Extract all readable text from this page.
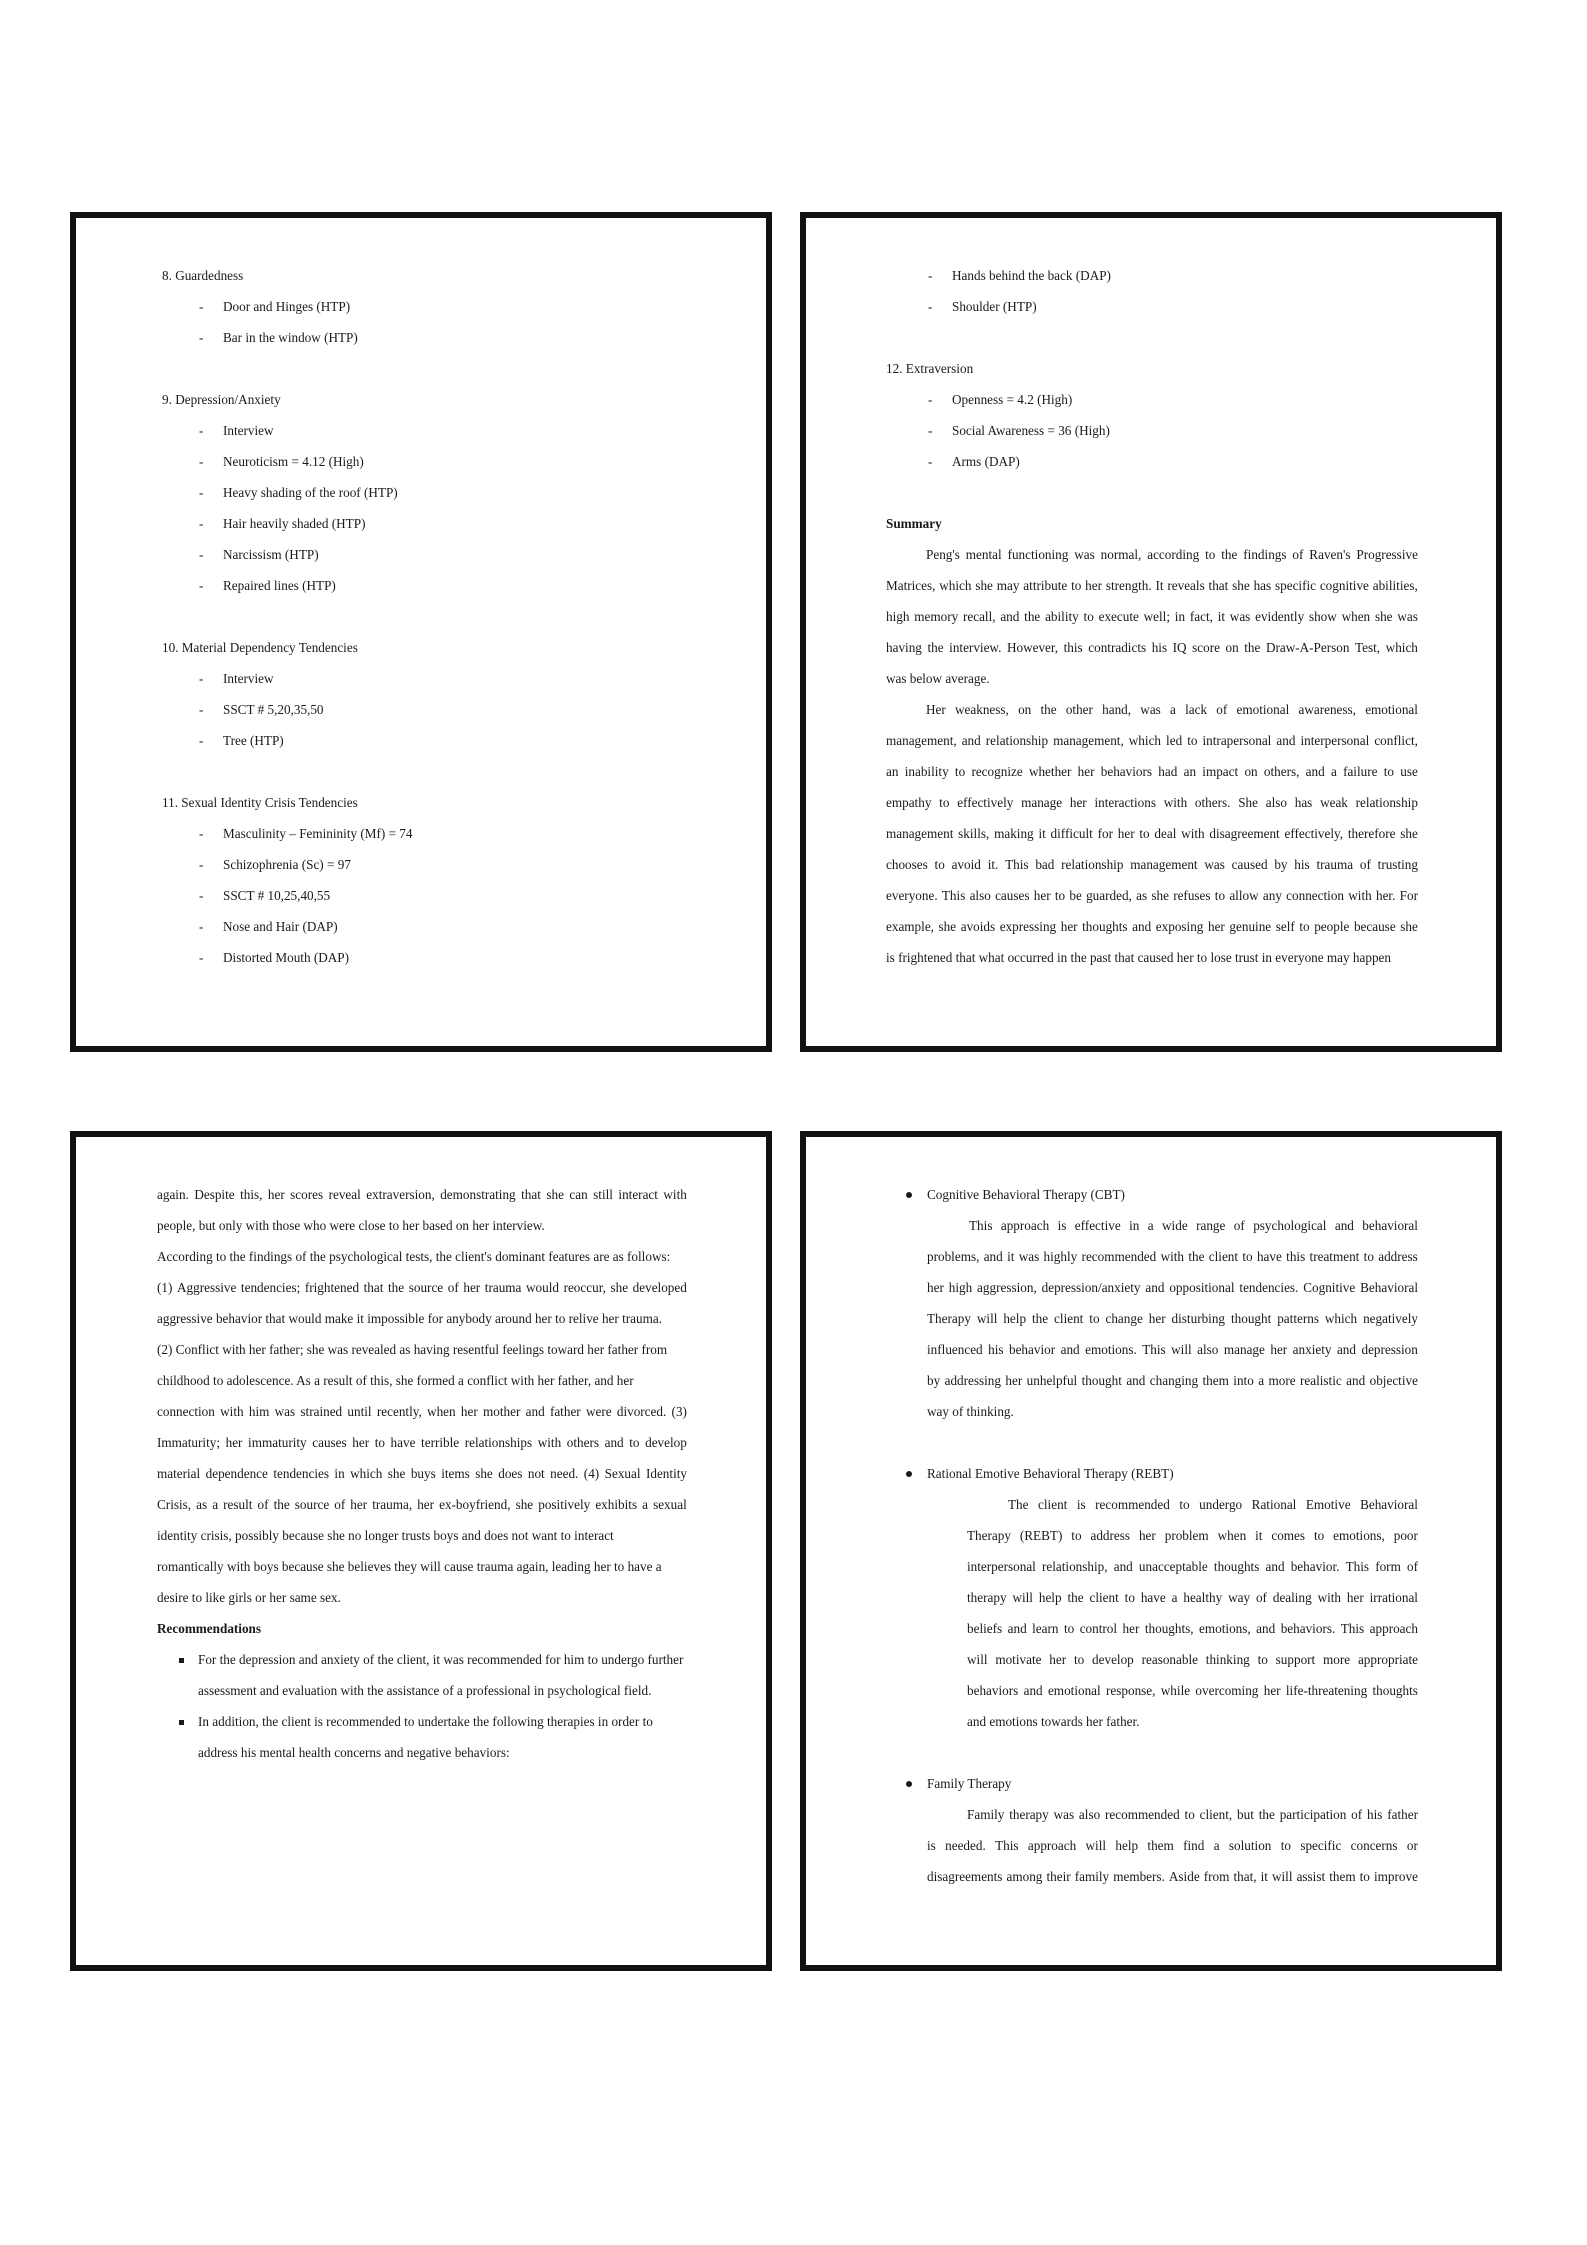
8. Guardedness
- Door and Hinges (HTP)
- Bar in the window (HTP)
9. Depression/Anxiety
- Interview
- Neuroticism = 4.12 (High)
- Heavy shading of the roof (HTP)
- Hair heavily shaded (HTP)
- Narcissism (HTP)
- Repaired lines (HTP)
10. Material Dependency Tendencies
- Interview
- SSCT # 5,20,35,50
- Tree (HTP)
11. Sexual Identity Crisis Tendencies
- Masculinity – Femininity (Mf) = 74
- Schizophrenia (Sc) = 97
- SSCT # 10,25,40,55
- Nose and Hair (DAP)
- Distorted Mouth (DAP)
- Hands behind the back (DAP)
- Shoulder (HTP)
12. Extraversion
- Openness = 4.2 (High)
- Social Awareness = 36 (High)
- Arms (DAP)
Summary
Peng's mental functioning was normal, according to the findings of Raven's Progressive
Matrices, which she may attribute to her strength. It reveals that she has specific cognitive abilities,
high memory recall, and the ability to execute well; in fact, it was evidently show when she was
having the interview. However, this contradicts his IQ score on the Draw-A-Person Test, which
was below average.
Her weakness, on the other hand, was a lack of emotional awareness, emotional
management, and relationship management, which led to intrapersonal and interpersonal conflict,
an inability to recognize whether her behaviors had an impact on others, and a failure to use
empathy to effectively manage her interactions with others. She also has weak relationship
management skills, making it difficult for her to deal with disagreement effectively, therefore she
chooses to avoid it. This bad relationship management was caused by his trauma of trusting
everyone. This also causes her to be guarded, as she refuses to allow any connection with her. For
example, she avoids expressing her thoughts and exposing her genuine self to people because she
is frightened that what occurred in the past that caused her to lose trust in everyone may happen
again. Despite this, her scores reveal extraversion, demonstrating that she can still interact with
people, but only with those who were close to her based on her interview.
According to the findings of the psychological tests, the client's dominant features are as follows:
(1) Aggressive tendencies; frightened that the source of her trauma would reoccur, she developed
aggressive behavior that would make it impossible for anybody around her to relive her trauma.
(2) Conflict with her father; she was revealed as having resentful feelings toward her father from
childhood to adolescence. As a result of this, she formed a conflict with her father, and her
connection with him was strained until recently, when her mother and father were divorced. (3)
Immaturity; her immaturity causes her to have terrible relationships with others and to develop
material dependence tendencies in which she buys items she does not need. (4) Sexual Identity
Crisis, as a result of the source of her trauma, her ex-boyfriend, she positively exhibits a sexual
identity crisis, possibly because she no longer trusts boys and does not want to interact
romantically with boys because she believes they will cause trauma again, leading her to have a
desire to like girls or her same sex.
Recommendations
For the depression and anxiety of the client, it was recommended for him to undergo further
assessment and evaluation with the assistance of a professional in psychological field.
In addition, the client is recommended to undertake the following therapies in order to
address his mental health concerns and negative behaviors:
Cognitive Behavioral Therapy (CBT)
This approach is effective in a wide range of psychological and behavioral
problems, and it was highly recommended with the client to have this treatment to address
her high aggression, depression/anxiety and oppositional tendencies. Cognitive Behavioral
Therapy will help the client to change her disturbing thought patterns which negatively
influenced his behavior and emotions. This will also manage her anxiety and depression
by addressing her unhelpful thought and changing them into a more realistic and objective
way of thinking.
Rational Emotive Behavioral Therapy (REBT)
The client is recommended to undergo Rational Emotive Behavioral
Therapy (REBT) to address her problem when it comes to emotions, poor
interpersonal relationship, and unacceptable thoughts and behavior. This form of
therapy will help the client to have a healthy way of dealing with her irrational
beliefs and learn to control her thoughts, emotions, and behaviors. This approach
will motivate her to develop reasonable thinking to support more appropriate
behaviors and emotional response, while overcoming her life-threatening thoughts
and emotions towards her father.
Family Therapy
Family therapy was also recommended to client, but the participation of his father
is needed. This approach will help them find a solution to specific concerns or
disagreements among their family members. Aside from that, it will assist them to improve
